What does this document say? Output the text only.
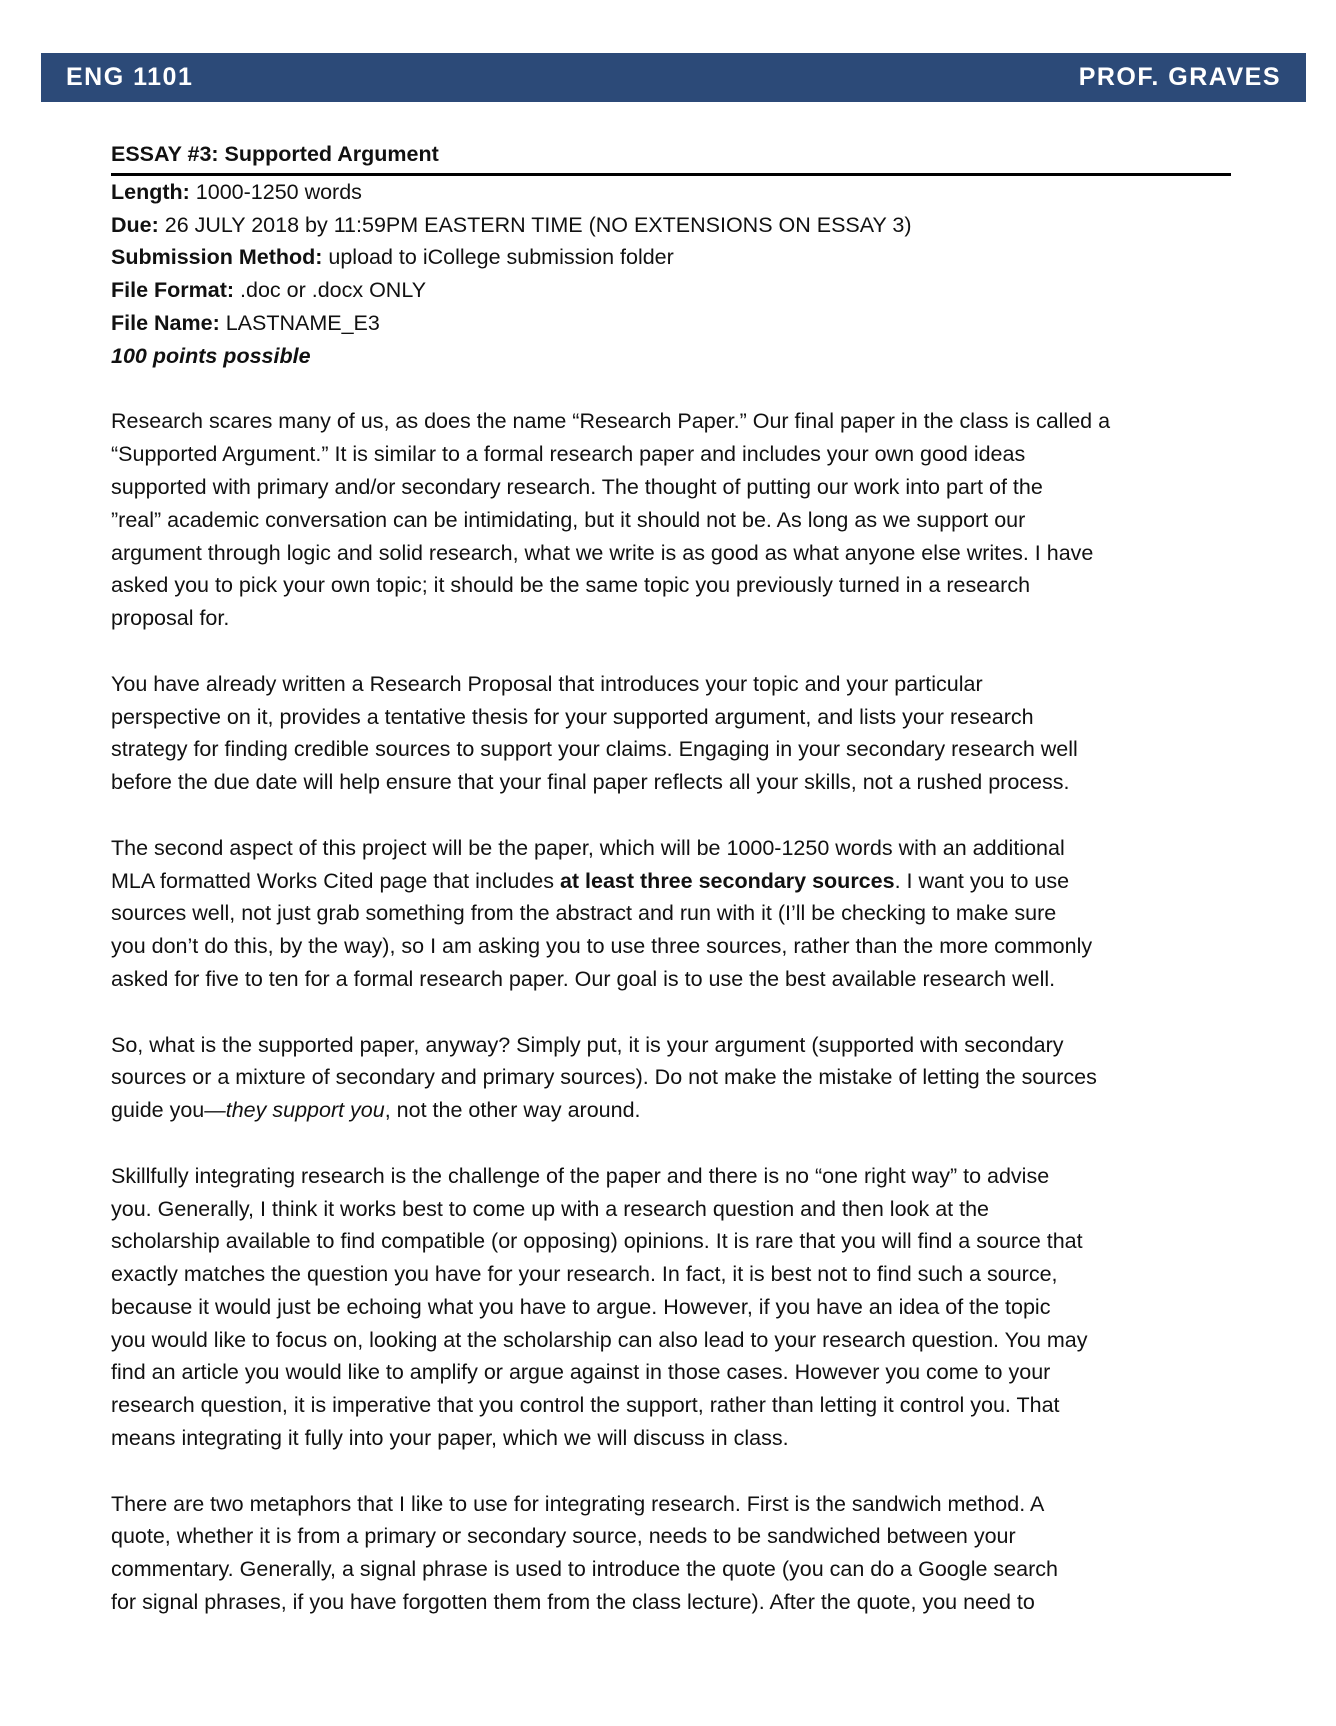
ENG 1101	PROF. GRAVES
ESSAY #3: Supported Argument
Length: 1000-1250 words
Due: 26 JULY 2018 by 11:59PM EASTERN TIME (NO EXTENSIONS ON ESSAY 3)
Submission Method: upload to iCollege submission folder
File Format: .doc or .docx ONLY
File Name: LASTNAME_E3
100 points possible
Research scares many of us, as does the name “Research Paper.” Our final paper in the class is called a
“Supported Argument.” It is similar to a formal research paper and includes your own good ideas
supported with primary and/or secondary research. The thought of putting our work into part of the
”real” academic conversation can be intimidating, but it should not be. As long as we support our
argument through logic and solid research, what we write is as good as what anyone else writes. I have
asked you to pick your own topic; it should be the same topic you previously turned in a research
proposal for.
You have already written a Research Proposal that introduces your topic and your particular
perspective on it, provides a tentative thesis for your supported argument, and lists your research
strategy for finding credible sources to support your claims. Engaging in your secondary research well
before the due date will help ensure that your final paper reflects all your skills, not a rushed process.
The second aspect of this project will be the paper, which will be 1000-1250 words with an additional
MLA formatted Works Cited page that includes at least three secondary sources. I want you to use
sources well, not just grab something from the abstract and run with it (I’ll be checking to make sure
you don’t do this, by the way), so I am asking you to use three sources, rather than the more commonly
asked for five to ten for a formal research paper. Our goal is to use the best available research well.
So, what is the supported paper, anyway? Simply put, it is your argument (supported with secondary
sources or a mixture of secondary and primary sources). Do not make the mistake of letting the sources
guide you—they support you, not the other way around.
Skillfully integrating research is the challenge of the paper and there is no “one right way” to advise
you. Generally, I think it works best to come up with a research question and then look at the
scholarship available to find compatible (or opposing) opinions. It is rare that you will find a source that
exactly matches the question you have for your research. In fact, it is best not to find such a source,
because it would just be echoing what you have to argue. However, if you have an idea of the topic
you would like to focus on, looking at the scholarship can also lead to your research question. You may
find an article you would like to amplify or argue against in those cases. However you come to your
research question, it is imperative that you control the support, rather than letting it control you. That
means integrating it fully into your paper, which we will discuss in class.
There are two metaphors that I like to use for integrating research. First is the sandwich method. A
quote, whether it is from a primary or secondary source, needs to be sandwiched between your
commentary. Generally, a signal phrase is used to introduce the quote (you can do a Google search
for signal phrases, if you have forgotten them from the class lecture). After the quote, you need to
